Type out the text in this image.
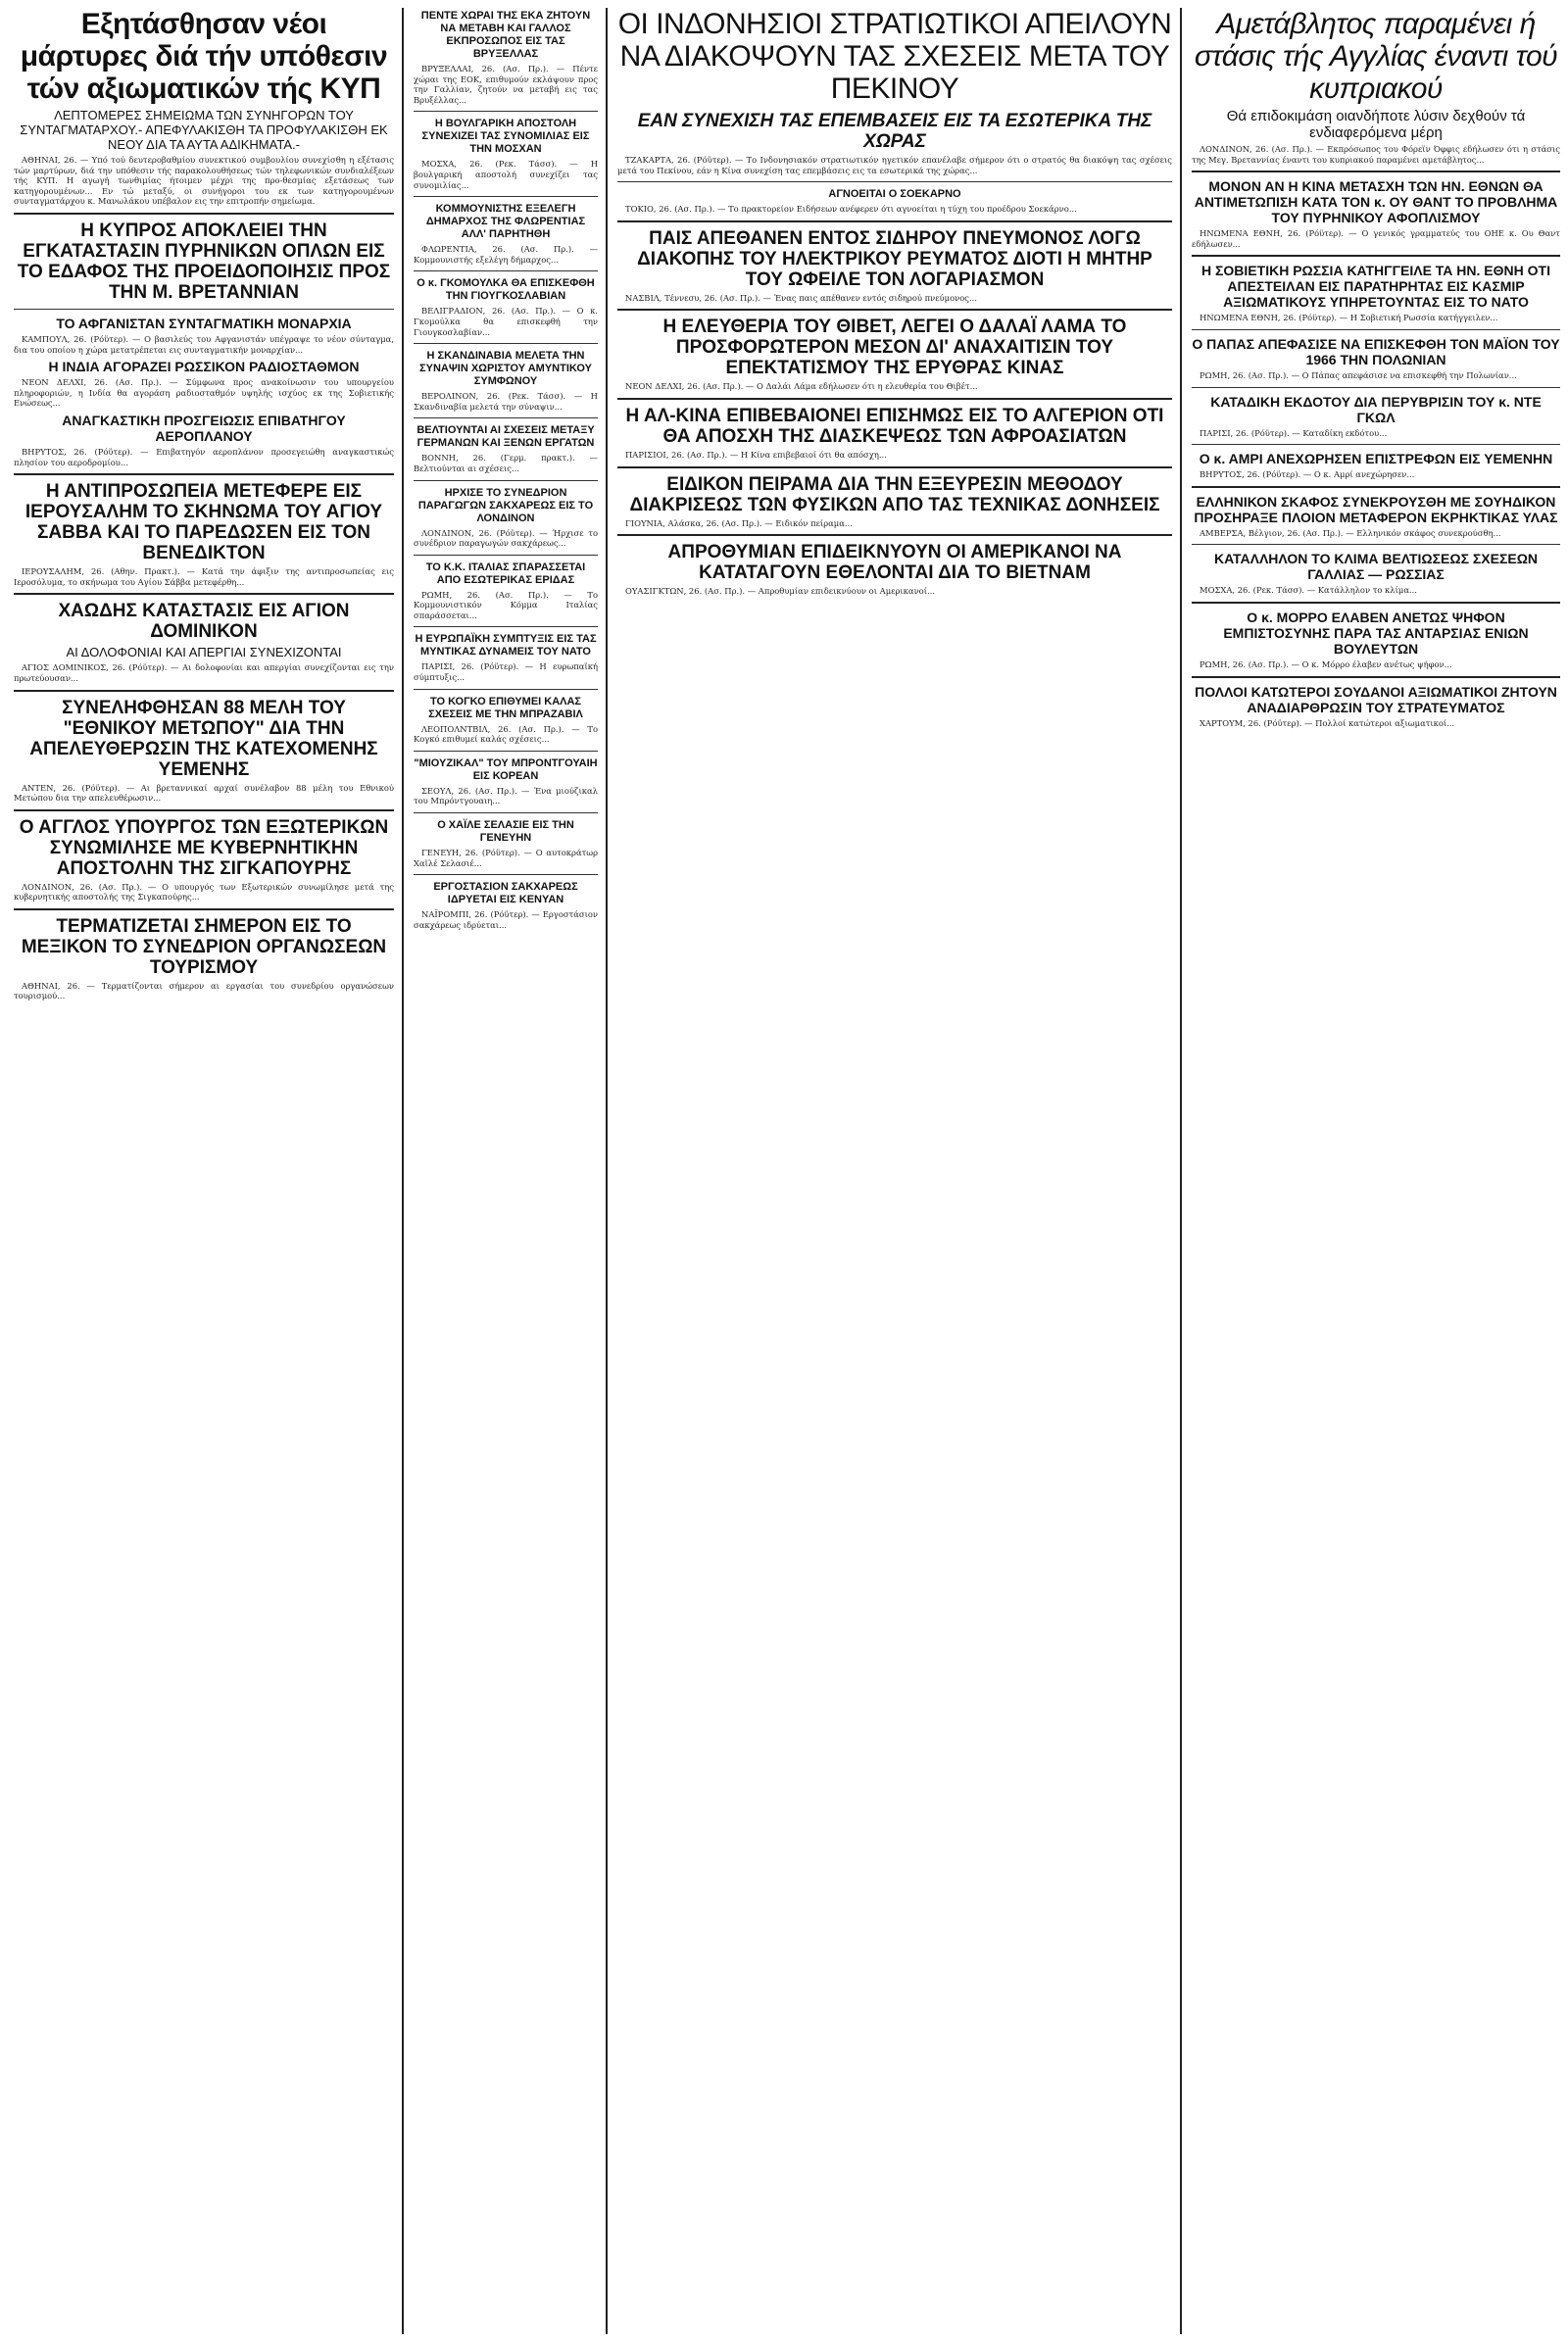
Εξητάσθησαν νέοι μάρτυρες διά τήν υπόθεσιν τών αξιωματικών τής ΚΥΠ
ΛΕΠΤΟΜΕΡΕΣ ΣΗΜΕΙΩΜΑ ΤΩΝ ΣΥΝΗΓΟΡΩΝ ΤΟΥ ΣΥΝΤΑΓΜΑΤΑΡΧΟΥ.- ΑΠΕΦΥΛΑΚΙΣΘΗ ΤΑ ΠΡΟΦΥΛΑΚΙΣΘΗ ΕΚ ΝΕΟΥ ΔΙΑ ΤΑ ΑΥΤΑ ΑΔΙΚΗΜΑΤΑ.-

ΑΘΗΝΑΙ, 26. — Υπό τού δευτεροβαθμίου συνεκτικού συμβουλίου συνεχίσθη η εξέτασις τών μαρτύρων, διά την υπόθεσιν τής παρακολουθήσεως τών τηλεφωνικών συνδιαλέξεων τής ΚΥΠ. Η αγωγή τωνθιμίας ήτοιμεν μέχρι της προ-θεσμίας εξετάσεως των κατηγορουμένων... Εν τώ μεταξύ, οι συνήγοροι του εκ των κατηγορουμένων συνταγματάρχου κ. Μανωλάκου υπέβαλον εις την επιτροπήν σημείωμα.

Η ΚΥΠΡΟΣ ΑΠΟΚΛΕΙΕΙ ΤΗΝ ΕΓΚΑΤΑΣΤΑΣΙΝ ΠΥΡΗΝΙΚΩΝ ΟΠΛΩΝ ΕΙΣ ΤΟ ΕΔΑΦΟΣ ΤΗΣ ΠΡΟΕΙΔΟΠΟΙΗΣΙΣ ΠΡΟΣ ΤΗΝ Μ. ΒΡΕΤΑΝΝΙΑΝ
ΤΟ ΑΦΓΑΝΙΣΤΑΝ ΣΥΝΤΑΓΜΑΤΙΚΗ ΜΟΝΑΡΧΙΑ

ΚΑΜΠΟΥΛ, 26. (Ρόϋτερ). — Ο βασιλεύς του Αφγανιστάν υπέγραψε το νέον σύνταγμα, δια του οποίου η χώρα μετατρέπεται εις συνταγματικήν μοναρχίαν...

Η ΙΝΔΙΑ ΑΓΟΡΑΖΕΙ ΡΩΣΣΙΚΟΝ ΡΑΔΙΟΣΤΑΘΜΟΝ

ΝΕΟΝ ΔΕΛΧΙ, 26. (Ασ. Πρ.). — Σύμφωνα προς ανακοίνωσιν του υπουργείου πληροφοριών, η Ινδία θα αγοράση ραδιοσταθμόν υψηλής ισχύος εκ της Σοβιετικής Ενώσεως...

ΑΝΑΓΚΑΣΤΙΚΗ ΠΡΟΣΓΕΙΩΣΙΣ ΕΠΙΒΑΤΗΓΟΥ ΑΕΡΟΠΛΑΝΟΥ

ΒΗΡΥΤΟΣ, 26. (Ρόϋτερ). — Επιβατηγόν αεροπλάνον προσεγειώθη αναγκαστικώς πλησίον του αεροδρομίου...

Η ΑΝΤΙΠΡΟΣΩΠΕΙΑ ΜΕΤΕΦΕΡΕ ΕΙΣ ΙΕΡΟΥΣΑΛΗΜ ΤΟ ΣΚΗΝΩΜΑ ΤΟΥ ΑΓΙΟΥ ΣΑΒΒΑ ΚΑΙ ΤΟ ΠΑΡΕΔΩΣΕΝ ΕΙΣ ΤΟΝ ΒΕΝΕΔΙΚΤΟΝ

ΙΕΡΟΥΣΑΛΗΜ, 26. (Αθην. Πρακτ.). — Κατά την άφιξιν της αντιπροσωπείας εις Ιεροσόλυμα, το σκήνωμα του Αγίου Σάββα μετεφέρθη...

ΧΑΩΔΗΣ ΚΑΤΑΣΤΑΣΙΣ ΕΙΣ ΑΓΙΟΝ ΔΟΜΙΝΙΚΟΝ
ΑΙ ΔΟΛΟΦΟΝΙΑΙ ΚΑΙ ΑΠΕΡΓΙΑΙ ΣΥΝΕΧΙΖΟΝΤΑΙ

ΑΓΙΟΣ ΔΟΜΙΝΙΚΟΣ, 26. (Ρόϋτερ). — Αι δολοφονίαι και απεργίαι συνεχίζονται εις την πρωτεύουσαν...

ΣΥΝΕΛΗΦΘΗΣΑΝ 88 ΜΕΛΗ ΤΟΥ "ΕΘΝΙΚΟΥ ΜΕΤΩΠΟΥ" ΔΙΑ ΤΗΝ ΑΠΕΛΕΥΘΕΡΩΣΙΝ ΤΗΣ ΚΑΤΕΧΟΜΕΝΗΣ ΥΕΜΕΝΗΣ

ΑΝΤΕΝ, 26. (Ρόϋτερ). — Αι βρεταννικαί αρχαί συνέλαβον 88 μέλη του Εθνικού Μετώπου δια την απελευθέρωσιν...

Ο ΑΓΓΛΟΣ ΥΠΟΥΡΓΟΣ ΤΩΝ ΕΞΩΤΕΡΙΚΩΝ ΣΥΝΩΜΙΛΗΣΕ ΜΕ ΚΥΒΕΡΝΗΤΙΚΗΝ ΑΠΟΣΤΟΛΗΝ ΤΗΣ ΣΙΓΚΑΠΟΥΡΗΣ

ΛΟΝΔΙΝΟΝ, 26. (Ασ. Πρ.). — Ο υπουργός των Εξωτερικών συνωμίλησε μετά της κυβερνητικής αποστολής της Σιγκαπούρης...

ΤΕΡΜΑΤΙΖΕΤΑΙ ΣΗΜΕΡΟΝ ΕΙΣ ΤΟ ΜΕΞΙΚΟΝ ΤΟ ΣΥΝΕΔΡΙΟΝ ΟΡΓΑΝΩΣΕΩΝ ΤΟΥΡΙΣΜΟΥ

ΑΘΗΝΑΙ, 26. — Τερματίζονται σήμερον αι εργασίαι του συνεδρίου οργανώσεων τουρισμού...

ΠΕΝΤΕ ΧΩΡΑΙ ΤΗΣ ΕΚΑ ΖΗΤΟΥΝ ΝΑ ΜΕΤΑΒΗ ΚΑΙ ΓΑΛΛΟΣ ΕΚΠΡΟΣΩΠΟΣ ΕΙΣ ΤΑΣ ΒΡΥΞΕΛΛΑΣ

ΒΡΥΞΕΛΛΑΙ, 26. (Ασ. Πρ.). — Πέντε χώραι της ΕΟΚ, επιθυμούν εκλάψουν προς την Γαλλίαν, ζητούν να μεταβή εις τας Βρυξέλλας...

Η ΒΟΥΛΓΑΡΙΚΗ ΑΠΟΣΤΟΛΗ ΣΥΝΕΧΙΖΕΙ ΤΑΣ ΣΥΝΟΜΙΛΙΑΣ ΕΙΣ ΤΗΝ ΜΟΣΧΑΝ

ΜΟΣΧΑ, 26. (Ρεκ. Τάσσ). — Η βουλγαρική αποστολή συνεχίζει τας συνομιλίας...

ΚΟΜΜΟΥΝΙΣΤΗΣ ΕΞΕΛΕΓΗ ΔΗΜΑΡΧΟΣ ΤΗΣ ΦΛΩΡΕΝΤΙΑΣ ΑΛΛ' ΠΑΡΗΤΗΘΗ

ΦΛΩΡΕΝΤΙΑ, 26. (Ασ. Πρ.). — Κομμουνιστής εξελέγη δήμαρχος...

Ο κ. ΓΚΟΜΟΥΛΚΑ ΘΑ ΕΠΙΣΚΕΦΘΗ ΤΗΝ ΓΙΟΥΓΚΟΣΛΑΒΙΑΝ

ΒΕΛΙΓΡΑΔΙΟΝ, 26. (Ασ. Πρ.). — Ο κ. Γκομούλκα θα επισκεφθή την Γιουγκοσλαβίαν...

Η ΣΚΑΝΔΙΝΑΒΙΑ ΜΕΛΕΤΑ ΤΗΝ ΣΥΝΑΨΙΝ ΧΩΡΙΣΤΟΥ ΑΜΥΝΤΙΚΟΥ ΣΥΜΦΩΝΟΥ

ΒΕΡΟΛΙΝΟΝ, 26. (Ρεκ. Τάσσ). — Η Σκανδιναβία μελετά την σύναψιν...

ΒΕΛΤΙΟΥΝΤΑΙ ΑΙ ΣΧΕΣΕΙΣ ΜΕΤΑΞΥ ΓΕΡΜΑΝΩΝ ΚΑΙ ΞΕΝΩΝ ΕΡΓΑΤΩΝ

ΒΟΝΝΗ, 26. (Γερμ. πρακτ.). — Βελτιούνται αι σχέσεις...

ΗΡΧΙΣΕ ΤΟ ΣΥΝΕΔΡΙΟΝ ΠΑΡΑΓΩΓΩΝ ΣΑΚΧΑΡΕΩΣ ΕΙΣ ΤΟ ΛΟΝΔΙΝΟΝ

ΛΟΝΔΙΝΟΝ, 26. (Ρόϋτερ). — Ήρχισε το συνέδριον παραγωγών σακχάρεως...

ΤΟ Κ.Κ. ΙΤΑΛΙΑΣ ΣΠΑΡΑΣΣΕΤΑΙ ΑΠΟ ΕΣΩΤΕΡΙΚΑΣ ΕΡΙΔΑΣ

ΡΩΜΗ, 26. (Ασ. Πρ.). — Το Κομμουνιστικόν Κόμμα Ιταλίας σπαράσσεται...

Η ΕΥΡΩΠΑΪΚΗ ΣΥΜΠΤΥΞΙΣ ΕΙΣ ΤΑΣ ΜΥΝΤΙΚΑΣ ΔΥΝΑΜΕΙΣ ΤΟΥ ΝΑΤΟ

ΠΑΡΙΣΙ, 26. (Ρόϋτερ). — Η ευρωπαϊκή σύμπτυξις...

ΤΟ ΚΟΓΚΟ ΕΠΙΘΥΜΕΙ ΚΑΛΑΣ ΣΧΕΣΕΙΣ ΜΕ ΤΗΝ ΜΠΡΑΖΑΒΙΛ

ΛΕΟΠΟΛΝΤΒΙΛ, 26. (Ασ. Πρ.). — Το Κογκό επιθυμεί καλάς σχέσεις...

"ΜΙΟΥΖΙΚΑΛ" ΤΟΥ ΜΠΡΟΝΤΓΟΥΑΙΗ ΕΙΣ ΚΟΡΕΑΝ

ΣΕΟΥΛ, 26. (Ασ. Πρ.). — Ένα μιούζικαλ του Μπρόντγουαιη...

Ο ΧΑΪΛΕ ΣΕΛΑΣΙΕ ΕΙΣ ΤΗΝ ΓΕΝΕΥΗΝ

ΓΕΝΕΥΗ, 26. (Ρόϋτερ). — Ο αυτοκράτωρ Χαϊλέ Σελασιέ...

ΕΡΓΟΣΤΑΣΙΟΝ ΣΑΚΧΑΡΕΩΣ ΙΔΡΥΕΤΑΙ ΕΙΣ ΚΕΝΥΑΝ

ΝΑΪΡΟΜΠΙ, 26. (Ρόϋτερ). — Εργοστάσιον σακχάρεως ιδρύεται...

ΟΙ ΙΝΔΟΝΗΣΙΟΙ ΣΤΡΑΤΙΩΤΙΚΟΙ ΑΠΕΙΛΟΥΝ ΝΑ ΔΙΑΚΟΨΟΥΝ ΤΑΣ ΣΧΕΣΕΙΣ ΜΕΤΑ ΤΟΥ ΠΕΚΙΝΟΥ
ΕΑΝ ΣΥΝΕΧΙΣΗ ΤΑΣ ΕΠΕΜΒΑΣΕΙΣ ΕΙΣ ΤΑ ΕΣΩΤΕΡΙΚΑ ΤΗΣ ΧΩΡΑΣ

ΤΖΑΚΑΡΤΑ, 26. (Ρόϋτερ). — Το Ινδονησιακόν στρατιωτικόν ηγετικόν επανέλαβε σήμερον ότι ο στρατός θα διακόψη τας σχέσεις μετά του Πεκίνου, εάν η Κίνα συνεχίση τας επεμβάσεις εις τα εσωτερικά της χώρας...

ΑΓΝΟΕΙΤΑΙ Ο ΣΟΕΚΑΡΝΟ

ΤΟΚΙΟ, 26. (Ασ. Πρ.). — Το πρακτορείον Ειδήσεων ανέφερεν ότι αγνοείται η τύχη του προέδρου Σοεκάρνο...

ΠΑΙΣ ΑΠΕΘΑΝΕΝ ΕΝΤΟΣ ΣΙΔΗΡΟΥ ΠΝΕΥΜΟΝΟΣ ΛΟΓΩ ΔΙΑΚΟΠΗΣ ΤΟΥ ΗΛΕΚΤΡΙΚΟΥ ΡΕΥΜΑΤΟΣ ΔΙΟΤΙ Η ΜΗΤΗΡ ΤΟΥ ΩΦΕΙΛΕ ΤΟΝ ΛΟΓΑΡΙΑΣΜΟΝ

ΝΑΣΒΙΛ, Τέννεσυ, 26. (Ασ. Πρ.). — Ένας παις απέθανεν εντός σιδηρού πνεύμονος...

Η ΕΛΕΥΘΕΡΙΑ ΤΟΥ ΘΙΒΕΤ, ΛΕΓΕΙ Ο ΔΑΛΑΪ ΛΑΜΑ ΤΟ ΠΡΟΣΦΟΡΩΤΕΡΟΝ ΜΕΣΟΝ ΔΙ' ΑΝΑΧΑΙΤΙΣΙΝ ΤΟΥ ΕΠΕΚΤΑΤΙΣΜΟΥ ΤΗΣ ΕΡΥΘΡΑΣ ΚΙΝΑΣ

ΝΕΟΝ ΔΕΛΧΙ, 26. (Ασ. Πρ.). — Ο Δαλάι Λάμα εδήλωσεν ότι η ελευθερία του Θιβέτ...

Η ΑΛ-ΚΙΝΑ ΕΠΙΒΕΒΑΙΟΝΕΙ ΕΠΙΣΗΜΩΣ ΕΙΣ ΤΟ ΑΛΓΕΡΙΟΝ ΟΤΙ ΘΑ ΑΠΟΣΧΗ ΤΗΣ ΔΙΑΣΚΕΨΕΩΣ ΤΩΝ ΑΦΡΟΑΣΙΑΤΩΝ

ΠΑΡΙΣΙΟΙ, 26. (Ασ. Πρ.). — Η Κίνα επιβεβαιοί ότι θα απόσχη...

ΕΙΔΙΚΟΝ ΠΕΙΡΑΜΑ ΔΙΑ ΤΗΝ ΕΞΕΥΡΕΣΙΝ ΜΕΘΟΔΟΥ ΔΙΑΚΡΙΣΕΩΣ ΤΩΝ ΦΥΣΙΚΩΝ ΑΠΟ ΤΑΣ ΤΕΧΝΙΚΑΣ ΔΟΝΗΣΕΙΣ

ΓΙΟΥΝΙΑ, Αλάσκα, 26. (Ασ. Πρ.). — Ειδικόν πείραμα...

ΑΠΡΟΘΥΜΙΑΝ ΕΠΙΔΕΙΚΝΥΟΥΝ ΟΙ ΑΜΕΡΙΚΑΝΟΙ ΝΑ ΚΑΤΑΤΑΓΟΥΝ ΕΘΕΛΟΝΤΑΙ ΔΙΑ ΤΟ ΒΙΕΤΝΑΜ

ΟΥΑΣΙΓΚΤΩΝ, 26. (Ασ. Πρ.). — Απροθυμίαν επιδεικνύουν οι Αμερικανοί...

Αμετάβλητος παραμένει ή στάσις τής Αγγλίας έναντι τού κυπριακού
Θά επιδοκιμάση οιανδήποτε λύσιν δεχθούν τά ενδιαφερόμενα μέρη

ΛΟΝΔΙΝΟΝ, 26. (Ασ. Πρ.). — Εκπρόσωπος του Φόρεϊν Όφφις εδήλωσεν ότι η στάσις της Μεγ. Βρεταννίας έναντι του κυπριακού παραμένει αμετάβλητος...

ΜΟΝΟΝ ΑΝ Η ΚΙΝΑ ΜΕΤΑΣΧΗ ΤΩΝ ΗΝ. ΕΘΝΩΝ ΘΑ ΑΝΤΙΜΕΤΩΠΙΣΗ ΚΑΤΑ ΤΟΝ κ. ΟΥ ΘΑΝΤ ΤΟ ΠΡΟΒΛΗΜΑ ΤΟΥ ΠΥΡΗΝΙΚΟΥ ΑΦΟΠΛΙΣΜΟΥ

ΗΝΩΜΕΝΑ ΕΘΝΗ, 26. (Ρόϋτερ). — Ο γενικός γραμματεύς του ΟΗΕ κ. Ου Θαντ εδήλωσεν...

Η ΣΟΒΙΕΤΙΚΗ ΡΩΣΣΙΑ ΚΑΤΗΓΓΕΙΛΕ ΤΑ ΗΝ. ΕΘΝΗ ΟΤΙ ΑΠΕΣΤΕΙΛΑΝ ΕΙΣ ΠΑΡΑΤΗΡΗΤΑΣ ΕΙΣ ΚΑΣΜΙΡ ΑΞΙΩΜΑΤΙΚΟΥΣ ΥΠΗΡΕΤΟΥΝΤΑΣ ΕΙΣ ΤΟ ΝΑΤΟ

ΗΝΩΜΕΝΑ ΕΘΝΗ, 26. (Ρόϋτερ). — Η Σοβιετική Ρωσσία κατήγγειλεν...

Ο ΠΑΠΑΣ ΑΠΕΦΑΣΙΣΕ ΝΑ ΕΠΙΣΚΕΦΘΗ ΤΟΝ ΜΑΪΟΝ ΤΟΥ 1966 ΤΗΝ ΠΟΛΩΝΙΑΝ

ΡΩΜΗ, 26. (Ασ. Πρ.). — Ο Πάπας απεφάσισε να επισκεφθή την Πολωνίαν...

ΚΑΤΑΔΙΚΗ ΕΚΔΟΤΟΥ ΔΙΑ ΠΕΡΥΒΡΙΣΙΝ ΤΟΥ κ. ΝΤΕ ΓΚΩΛ

ΠΑΡΙΣΙ, 26. (Ρόϋτερ). — Καταδίκη εκδότου...

Ο κ. ΑΜΡΙ ΑΝΕΧΩΡΗΣΕΝ ΕΠΙΣΤΡΕΦΩΝ ΕΙΣ ΥΕΜΕΝΗΝ

ΒΗΡΥΤΟΣ, 26. (Ρόϋτερ). — Ο κ. Αμρί ανεχώρησεν...

ΕΛΛΗΝΙΚΟΝ ΣΚΑΦΟΣ ΣΥΝΕΚΡΟΥΣΘΗ ΜΕ ΣΟΥΗΔΙΚΟΝ ΠΡΟΣΗΡΑΞΕ ΠΛΟΙΟΝ ΜΕΤΑΦΕΡΟΝ ΕΚΡΗΚΤΙΚΑΣ ΥΛΑΣ

ΑΜΒΕΡΣΑ, Βέλγιον, 26. (Ασ. Πρ.). — Ελληνικόν σκάφος συνεκρούσθη...

ΚΑΤΑΛΛΗΛΟΝ ΤΟ ΚΛΙΜΑ ΒΕΛΤΙΩΣΕΩΣ ΣΧΕΣΕΩΝ ΓΑΛΛΙΑΣ — ΡΩΣΣΙΑΣ

ΜΟΣΧΑ, 26. (Ρεκ. Τάσσ). — Κατάλληλον το κλίμα...

Ο κ. ΜΟΡΡΟ ΕΛΑΒΕΝ ΑΝΕΤΩΣ ΨΗΦΟΝ ΕΜΠΙΣΤΟΣΥΝΗΣ ΠΑΡΑ ΤΑΣ ΑΝΤΑΡΣΙΑΣ ΕΝΙΩΝ ΒΟΥΛΕΥΤΩΝ

ΡΩΜΗ, 26. (Ασ. Πρ.). — Ο κ. Μόρρο έλαβεν ανέτως ψήφον...

ΠΟΛΛΟΙ ΚΑΤΩΤΕΡΟΙ ΣΟΥΔΑΝΟΙ ΑΞΙΩΜΑΤΙΚΟΙ ΖΗΤΟΥΝ ΑΝΑΔΙΑΡΘΡΩΣΙΝ ΤΟΥ ΣΤΡΑΤΕΥΜΑΤΟΣ

ΧΑΡΤΟΥΜ, 26. (Ρόϋτερ). — Πολλοί κατώτεροι αξιωματικοί...
